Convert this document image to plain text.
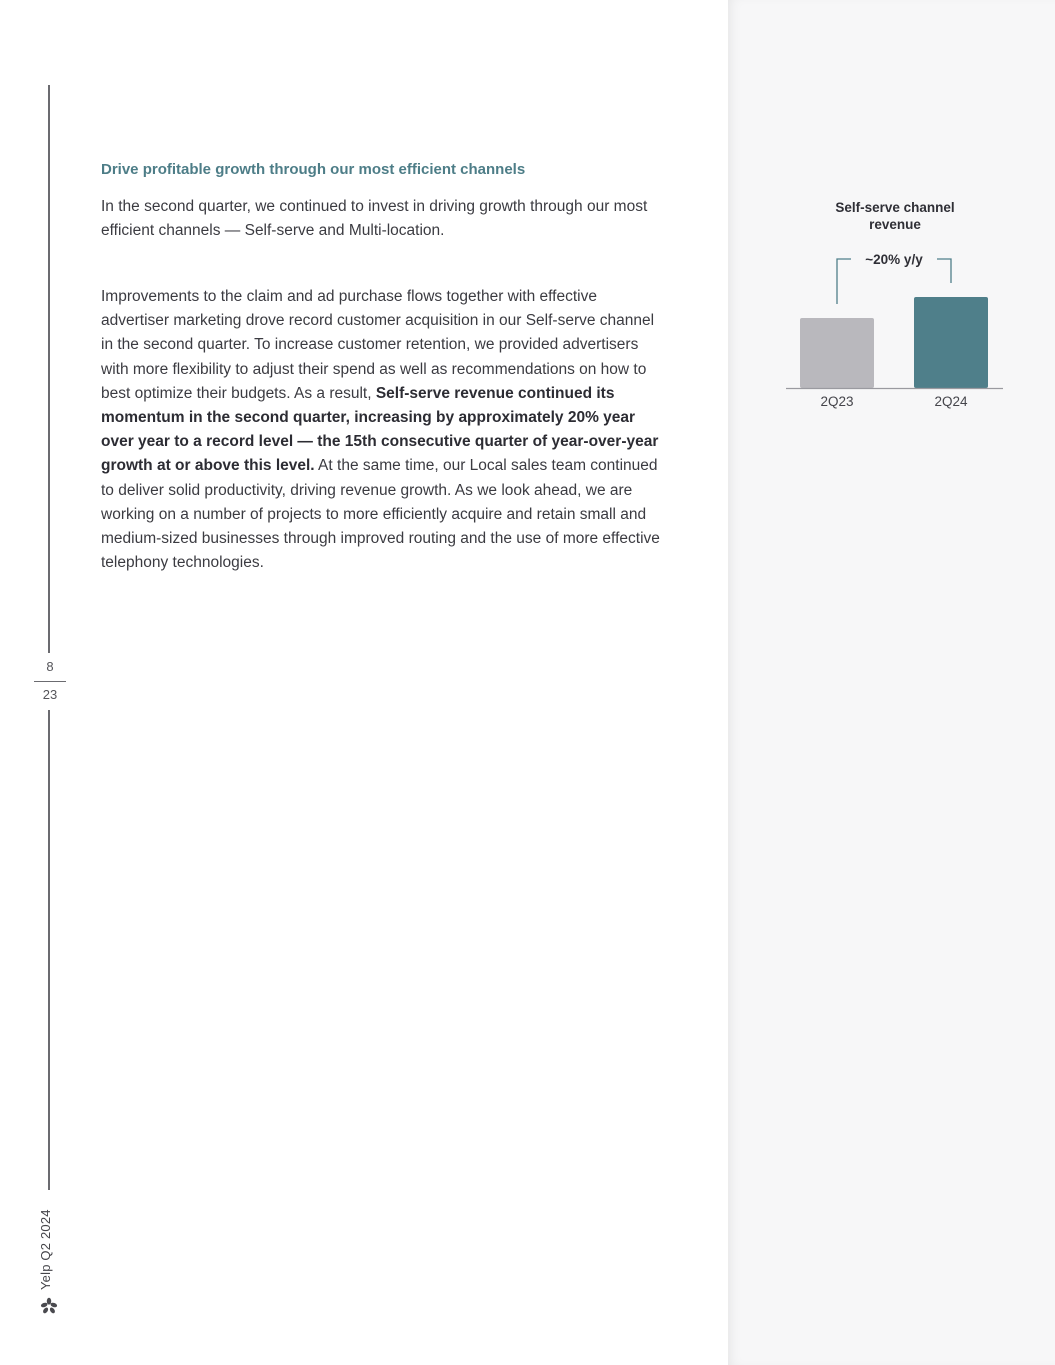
8
23
Yelp Q2 2024
Drive profitable growth through our most efficient channels

In the second quarter, we continued to invest in driving growth through our most efficient channels — Self-serve and Multi-location.

Improvements to the claim and ad purchase flows together with effective advertiser marketing drove record customer acquisition in our Self-serve channel in the second quarter. To increase customer retention, we provided advertisers with more flexibility to adjust their spend as well as recommendations on how to best optimize their budgets. As a result, Self-serve revenue continued its momentum in the second quarter, increasing by approximately 20% year over year to a record level — the 15th consecutive quarter of year-over-year growth at or above this level. At the same time, our Local sales team continued to deliver solid productivity, driving revenue growth. As we look ahead, we are working on a number of projects to more efficiently acquire and retain small and medium-sized businesses through improved routing and the use of more effective telephony technologies.

Self-serve channel
revenue
2Q23	2Q24
~20% y/y
